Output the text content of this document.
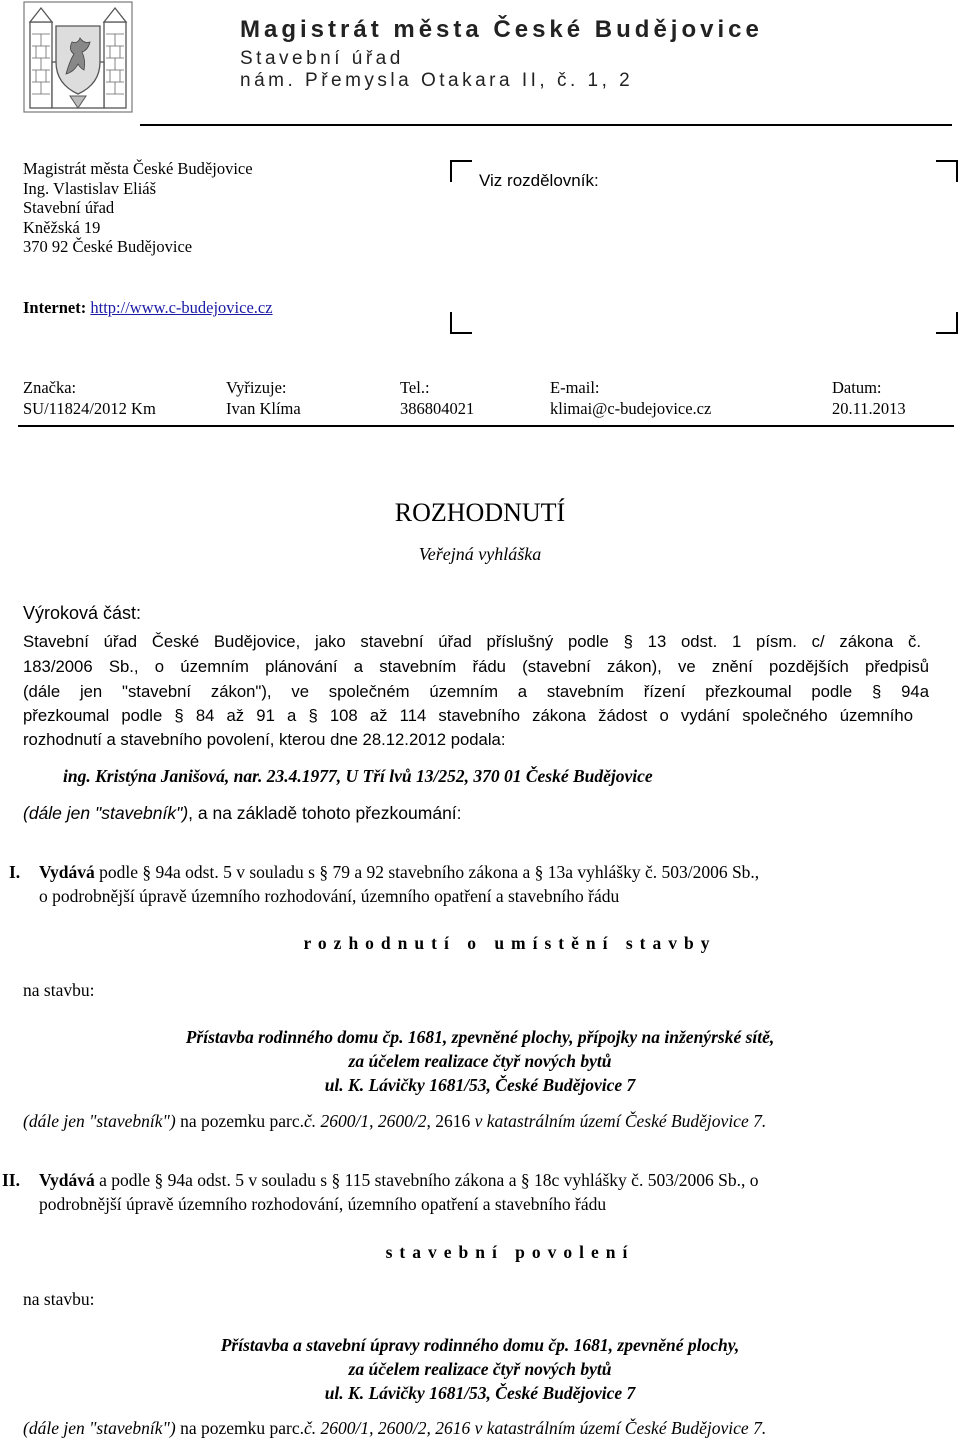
Magistrát města České Budějovice
Stavební úřad
nám. Přemysla Otakara II, č. 1, 2
Magistrát města České Budějovice
Ing. Vlastislav Eliáš
Stavební úřad
Kněžská 19
370 92 České Budějovice
Internet: http://www.c-budejovice.cz
Viz rozdělovník:
Značka:	Vyřizuje:	Tel.:	E-mail:	Datum:
SU/11824/2012 Km	Ivan Klíma	386804021	klimai@c-budejovice.cz	20.11.2013
ROZHODNUTÍ
Veřejná vyhláška
Výroková část:
Stavební úřad České Budějovice, jako stavební úřad příslušný podle § 13 odst. 1 písm. c/ zákona č.
183/2006 Sb., o územním plánování a stavebním řádu (stavební zákon), ve znění pozdějších předpisů
(dále jen "stavební zákon"), ve společném územním a stavebním řízení přezkoumal podle § 94a
přezkoumal podle § 84 až 91 a § 108 až 114 stavebního zákona žádost o vydání společného územního
rozhodnutí a stavebního povolení, kterou dne 28.12.2012 podala:
ing. Kristýna Janišová, nar. 23.4.1977, U Tří lvů 13/252, 370 01 České Budějovice
(dále jen "stavebník"), a na základě tohoto přezkoumání:
I. Vydává podle § 94a odst. 5 v souladu s § 79 a 92 stavebního zákona a § 13a vyhlášky č. 503/2006 Sb.,
o podrobnější úpravě územního rozhodování, územního opatření a stavebního řádu
rozhodnutí o umístění stavby
na stavbu:
Přístavba rodinného domu čp. 1681, zpevněné plochy, přípojky na inženýrské sítě,
za účelem realizace čtyř nových bytů
ul. K. Lávičky 1681/53, České Budějovice 7
(dále jen "stavebník") na pozemku parc.č. 2600/1, 2600/2, 2616 v katastrálním území České Budějovice 7.
II. Vydává a podle § 94a odst. 5 v souladu s § 115 stavebního zákona a § 18c vyhlášky č. 503/2006 Sb., o
podrobnější úpravě územního rozhodování, územního opatření a stavebního řádu
stavební povolení
na stavbu:
Přístavba a stavební úpravy rodinného domu čp. 1681, zpevněné plochy,
za účelem realizace čtyř nových bytů
ul. K. Lávičky 1681/53, České Budějovice 7
(dále jen "stavebník") na pozemku parc.č. 2600/1, 2600/2, 2616 v katastrálním území České Budějovice 7.
